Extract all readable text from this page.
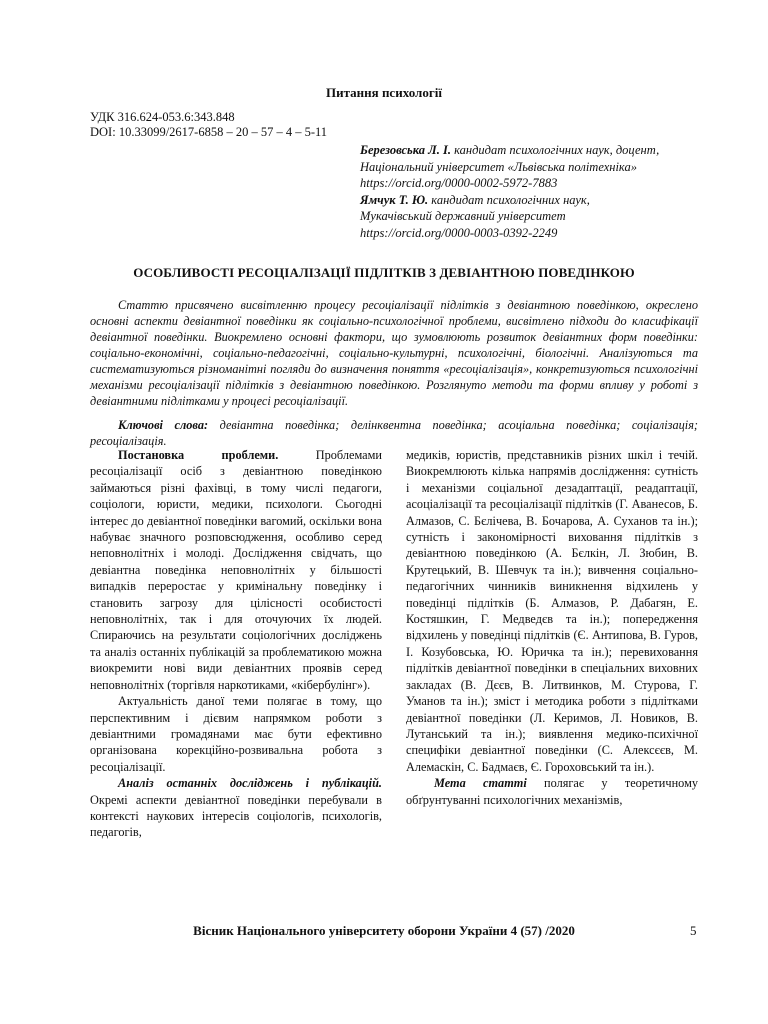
Питання психології
УДК 316.624-053.6:343.848
DOI: 10.33099/2617-6858 – 20 – 57 – 4 – 5-11
Березовська Л. І. кандидат психологічних наук, доцент,
Національний університет «Львівська політехніка»
https://orcid.org/0000-0002-5972-7883
Ямчук Т. Ю. кандидат психологічних наук,
Мукачівський державний університет
https://orcid.org/0000-0003-0392-2249
ОСОБЛИВОСТІ РЕСОЦІАЛІЗАЦІЇ ПІДЛІТКІВ З ДЕВІАНТНОЮ ПОВЕДІНКОЮ
Статтю присвячено висвітленню процесу ресоціалізації підлітків з девіантною поведінкою, окреслено основні аспекти девіантної поведінки як соціально-психологічної проблеми, висвітлено підходи до класифікації девіантної поведінки. Виокремлено основні фактори, що зумовлюють розвиток девіантних форм поведінки: соціально-економічні, соціально-педагогічні, соціально-культурні, психологічні, біологічні. Аналізуються та систематизуються різноманітні погляди до визначення поняття «ресоціалізація», конкретизуються психологічні механізми ресоціалізації підлітків з девіантною поведінкою. Розглянуто методи та форми впливу у роботі з девіантними підлітками у процесі ресоціалізації.
Ключові слова: девіантна поведінка; делінквентна поведінка; асоціальна поведінка; соціалізація; ресоціалізація.

Постановка проблеми. Проблемами ресоціалізації осіб з девіантною поведінкою займаються різні фахівці, в тому числі педагоги, соціологи, юристи, медики, психологи. Сьогодні інтерес до девіантної поведінки вагомий, оскільки вона набуває значного розповсюдження, особливо серед неповнолітніх і молоді. Дослідження свідчать, що девіантна поведінка неповнолітніх у більшості випадків переростає у кримінальну поведінку і становить загрозу для цілісності особистості неповнолітніх, так і для оточуючих їх людей. Спираючись на результати соціологічних досліджень та аналіз останніх публікацій за проблематикою можна виокремити нові види девіантних проявів серед неповнолітніх (торгівля наркотиками, «кібербулінг»).

Актуальність даної теми полягає в тому, що перспективним і дієвим напрямком роботи з девіантними громадянами має бути ефективно організована корекційно-розвивальна робота з ресоціалізації.

Аналіз останніх досліджень і публікацій. Окремі аспекти девіантної поведінки перебували в контексті наукових інтересів соціологів, психологів, педагогів,

медиків, юристів, представників різних шкіл і течій. Виокремлюють кілька напрямів дослідження: сутність і механізми соціальної дезадаптації, реадаптації, асоціалізації та ресоціалізації підлітків (Г. Аванесов, Б. Алмазов, С. Бєлічева, В. Бочарова, А. Суханов та ін.); сутність і закономірності виховання підлітків з девіантною поведінкою (А. Бєлкін, Л. Зюбин, В. Крутецький, В. Шевчук та ін.); вивчення соціально-педагогічних чинників виникнення відхилень у поведінці підлітків (Б. Алмазов, Р. Дабагян, Е. Костяшкин, Г. Медведєв та ін.); попередження відхилень у поведінці підлітків (Є. Антипова, В. Гуров, І. Козубовська, Ю. Юричка та ін.); перевиховання підлітків девіантної поведінки в спеціальних виховних закладах (В. Дєєв, В. Литвинков, М. Стурова, Г. Уманов та ін.); зміст і методика роботи з підлітками девіантної поведінки (Л. Керимов, Л. Новиков, В. Лутанський та ін.); виявлення медико-психічної специфіки девіантної поведінки (С. Алексєєв, М. Алемаскін, С. Бадмаєв, Є. Гороховський та ін.).

Мета статті полягає у теоретичному обґрунтуванні психологічних механізмів,

Вісник Національного університету оборони України 4 (57) /2020	5
